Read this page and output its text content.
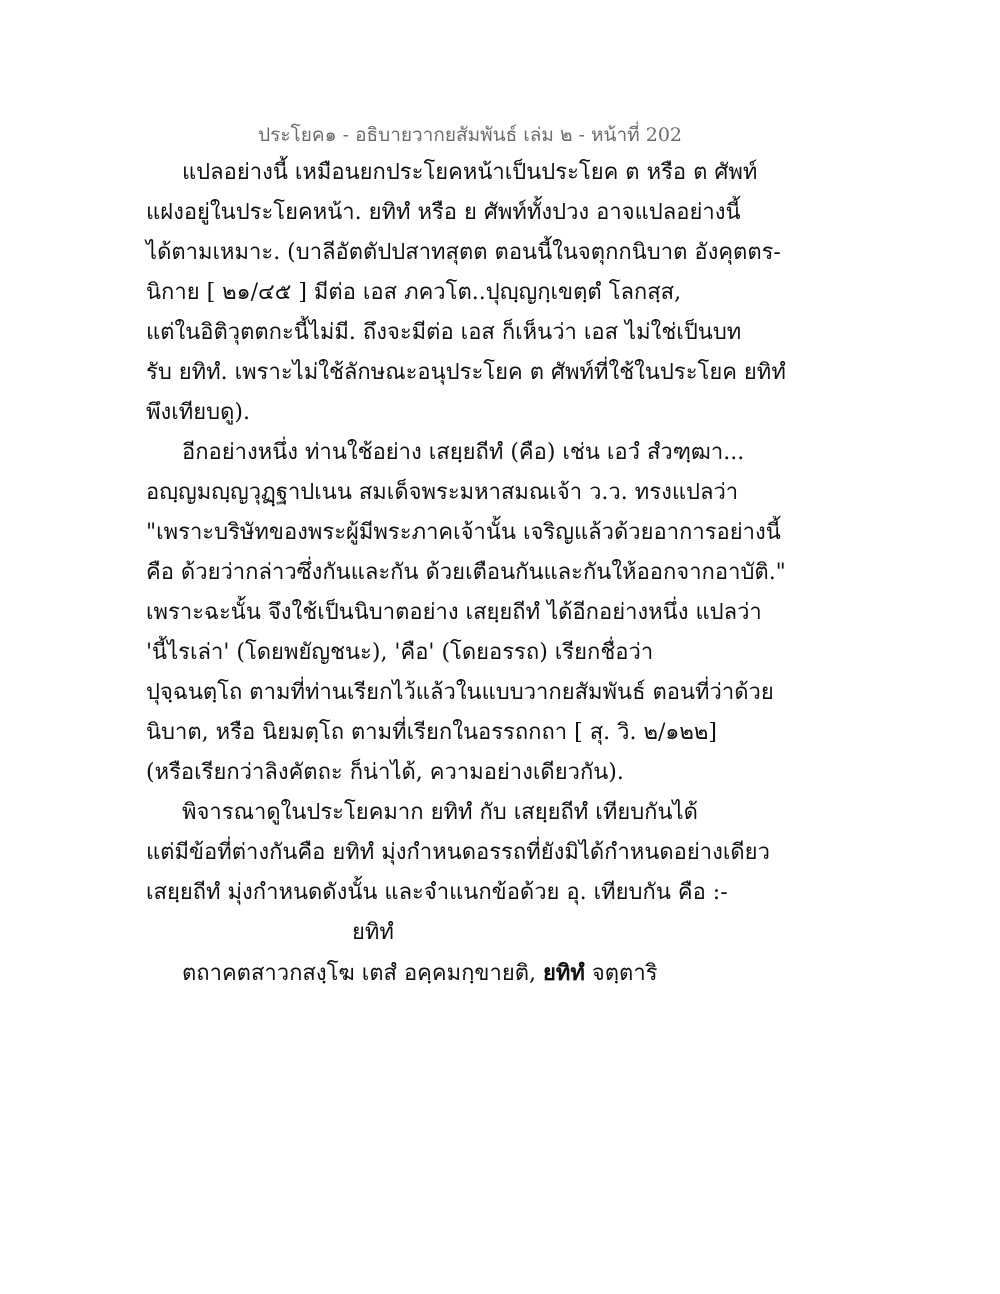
ประโยค๑ - อธิบายวากยสัมพันธ์ เล่ม ๒ - หน้าที่ 202
แปลอย่างนี้ เหมือนยกประโยคหน้าเป็นประโยค ต หรือ ต ศัพท์
แฝงอยู่ในประโยคหน้า. ยทิทํ หรือ ย ศัพท์ทั้งปวง อาจแปลอย่างนี้
ได้ตามเหมาะ. (บาลีอัตตัปปสาทสุตต ตอนนี้ในจตุกกนิบาต อังคุตตร-
นิกาย [ ๒๑/๔๕ ] มีต่อ เอส ภควโต..ปุญฺญกฺเขตฺตํ โลกสฺส,
แต่ในอิติวุตตกะนี้ไม่มี. ถึงจะมีต่อ เอส ก็เห็นว่า เอส ไม่ใช่เป็นบท
รับ ยทิทํ. เพราะไม่ใช้ลักษณะอนุประโยค ต ศัพท์ที่ใช้ในประโยค ยทิทํ
พึงเทียบดู).
อีกอย่างหนึ่ง ท่านใช้อย่าง เสยฺยถีทํ (คือ) เช่น เอวํ สํวฑฺฒา...
อญฺญมญฺญวุฏฺฐาปเนน สมเด็จพระมหาสมณเจ้า ว.ว. ทรงแปลว่า
"เพราะบริษัทของพระผู้มีพระภาคเจ้านั้น เจริญแล้วด้วยอาการอย่างนี้
คือ ด้วยว่ากล่าวซึ่งกันและกัน ด้วยเตือนกันและกันให้ออกจากอาบัติ."
เพราะฉะนั้น จึงใช้เป็นนิบาตอย่าง เสยฺยถีทํ ได้อีกอย่างหนึ่ง แปลว่า
'นี้ไรเล่า' (โดยพยัญชนะ), 'คือ' (โดยอรรถ) เรียกชื่อว่า
ปุจฺฉนตฺโถ ตามที่ท่านเรียกไว้แล้วในแบบวากยสัมพันธ์ ตอนที่ว่าด้วย
นิบาต, หรือ นิยมตฺโถ ตามที่เรียกในอรรถกถา [ สุ. วิ. ๒/๑๒๒]
(หรือเรียกว่าลิงคัตถะ ก็น่าได้, ความอย่างเดียวกัน).
พิจารณาดูในประโยคมาก ยทิทํ กับ เสยฺยถีทํ เทียบกันได้
แต่มีข้อที่ต่างกันคือ ยทิทํ มุ่งกำหนดอรรถที่ยังมิได้กำหนดอย่างเดียว
เสยฺยถีทํ มุ่งกำหนดดังนั้น และจำแนกข้อด้วย อุ. เทียบกัน คือ :-
ยทิทํ
ตถาคตสาวกสงฺโฆ เตสํ อคฺคมกฺขายติ, ยทิทํ จตฺตาริ
